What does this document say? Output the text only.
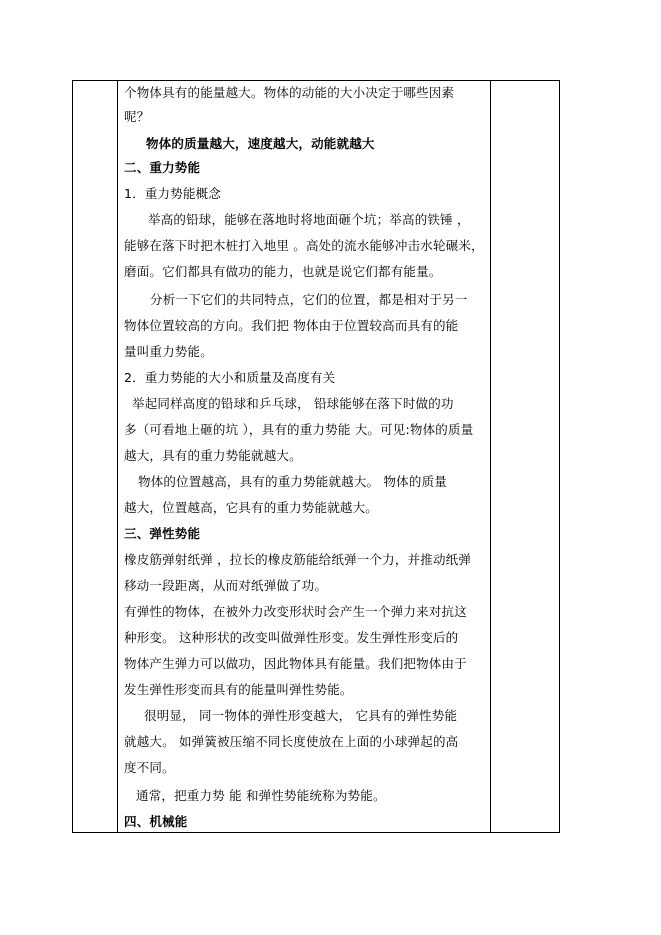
个物体具有的能量越大。物体的动能的大小决定于哪些因素
呢？
物体的质量越大，速度越大，动能就越大
二、重力势能
1．重力势能概念
举高的铅球，能够在落地时将地面砸个坑；举高的铁锤 ，
能够在落下时把木桩打入地里 。高处的流水能够冲击水轮碾米，
磨面。它们都具有做功的能力，也就是说它们都有能量。
分析一下它们的共同特点，它们的位置，都是相对于另一
物体位置较高的方向。我们把 物体由于位置较高而具有的能
量叫重力势能。
2．重力势能的大小和质量及高度有关
举起同样高度的铅球和乒乓球， 铅球能够在落下时做的功
多（可看地上砸的坑 ），具有的重力势能 大。可见:物体的质量
越大，具有的重力势能就越大。
物体的位置越高，具有的重力势能就越大。 物体的质量
越大，位置越高，它具有的重力势能就越大。
三、弹性势能
橡皮筋弹射纸弹 ，拉长的橡皮筋能给纸弹一个力，并推动纸弹
移动一段距离，从而对纸弹做了功。
有弹性的物体，在被外力改变形状时会产生一个弹力来对抗这
种形变。 这种形状的改变叫做弹性形变。发生弹性形变后的
物体产生弹力可以做功，因此物体具有能量。我们把物体由于
发生弹性形变而具有的能量叫弹性势能。
很明显， 同一物体的弹性形变越大， 它具有的弹性势能
就越大。 如弹簧被压缩不同长度使放在上面的小球弹起的高
度不同。
通常，把重力势 能 和弹性势能统称为势能。
四、机械能
